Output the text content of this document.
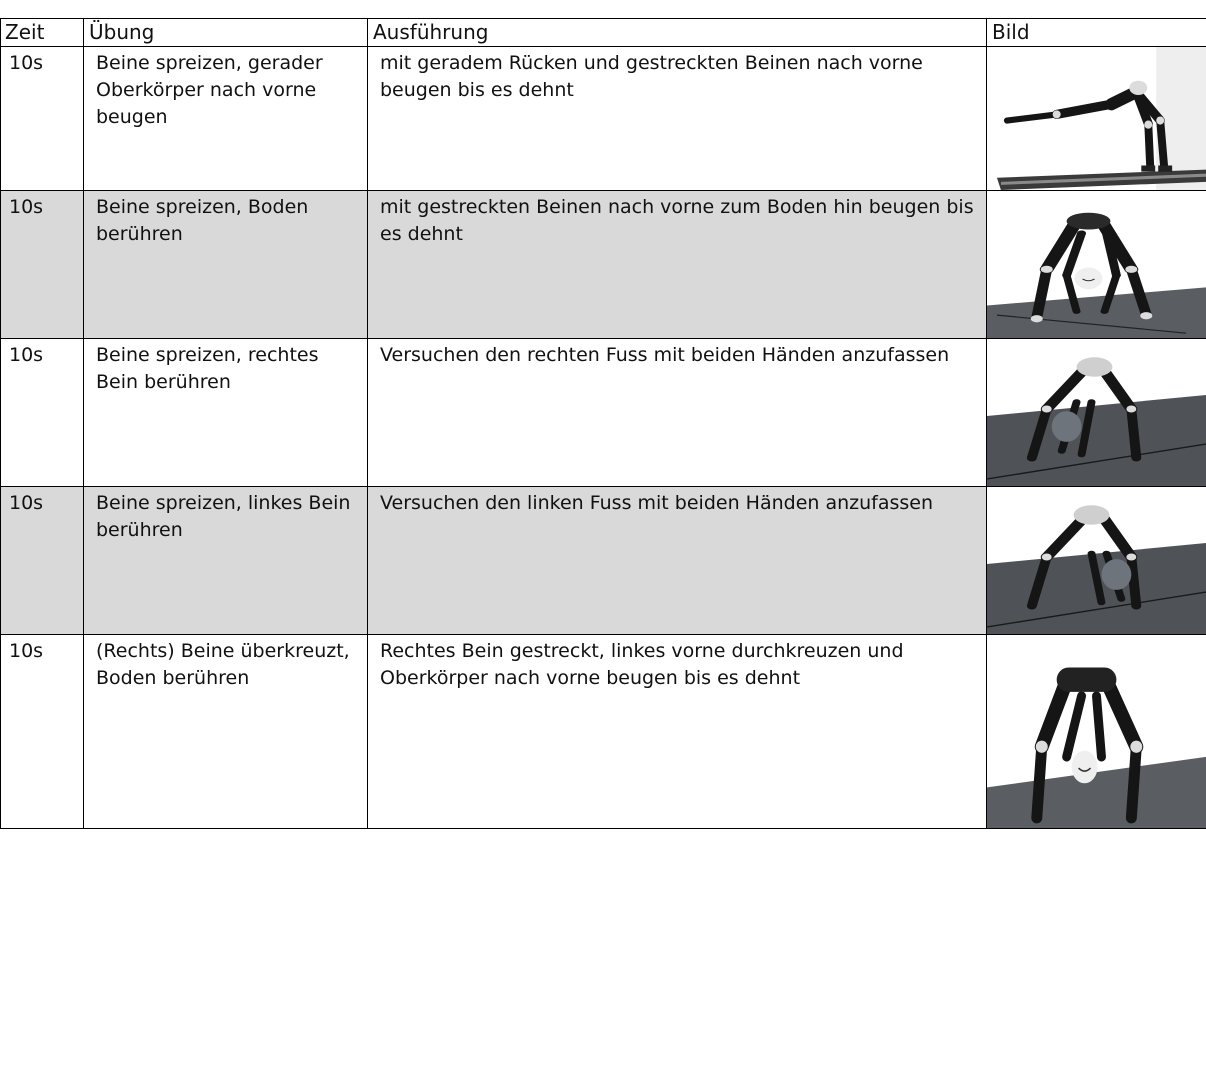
Zeit	Übung	Ausführung	Bild
10s	Beine spreizen, gerader Oberkörper nach vorne beugen	mit geradem Rücken und gestreckten Beinen nach vorne beugen bis es dehnt	

10s	Beine spreizen, Boden berühren	mit gestreckten Beinen nach vorne zum Boden hin beugen bis es dehnt	

10s	Beine spreizen, rechtes Bein berühren	Versuchen den rechten Fuss mit beiden Händen anzufassen	

10s	Beine spreizen, linkes Bein berühren	Versuchen den linken Fuss mit beiden Händen anzufassen	

10s	(Rechts) Beine überkreuzt, Boden berühren	Rechtes Bein gestreckt, linkes vorne durchkreuzen und Oberkörper nach vorne beugen bis es dehnt	
